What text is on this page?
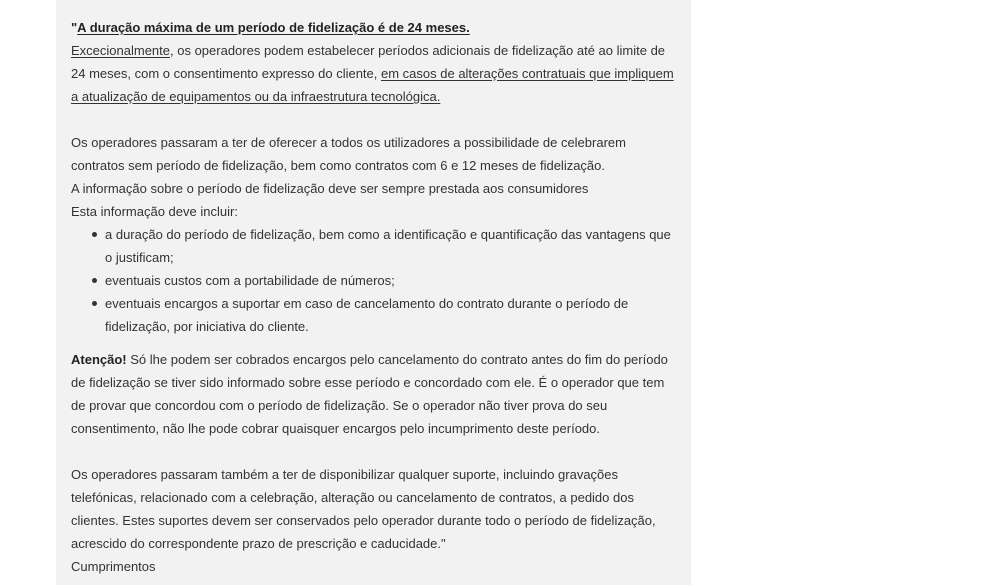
"A duração máxima de um período de fidelização é de 24 meses.

Excecionalmente, os operadores podem estabelecer períodos adicionais de fidelização até ao limite de 24 meses, com o consentimento expresso do cliente, em casos de alterações contratuais que impliquem a atualização de equipamentos ou da infraestrutura tecnológica.

Os operadores passaram a ter de oferecer a todos os utilizadores a possibilidade de celebrarem contratos sem período de fidelização, bem como contratos com 6 e 12 meses de fidelização.

A informação sobre o período de fidelização deve ser sempre prestada aos consumidores

Esta informação deve incluir:

a duração do período de fidelização, bem como a identificação e quantificação das vantagens que o justificam;
eventuais custos com a portabilidade de números;
eventuais encargos a suportar em caso de cancelamento do contrato durante o período de fidelização, por iniciativa do cliente.

Atenção! Só lhe podem ser cobrados encargos pelo cancelamento do contrato antes do fim do período de fidelização se tiver sido informado sobre esse período e concordado com ele. É o operador que tem de provar que concordou com o período de fidelização. Se o operador não tiver prova do seu consentimento, não lhe pode cobrar quaisquer encargos pelo incumprimento deste período.

Os operadores passaram também a ter de disponibilizar qualquer suporte, incluindo gravações telefónicas, relacionado com a celebração, alteração ou cancelamento de contratos, a pedido dos clientes. Estes suportes devem ser conservados pelo operador durante todo o período de fidelização, acrescido do correspondente prazo de prescrição e caducidade."

Cumprimentos
